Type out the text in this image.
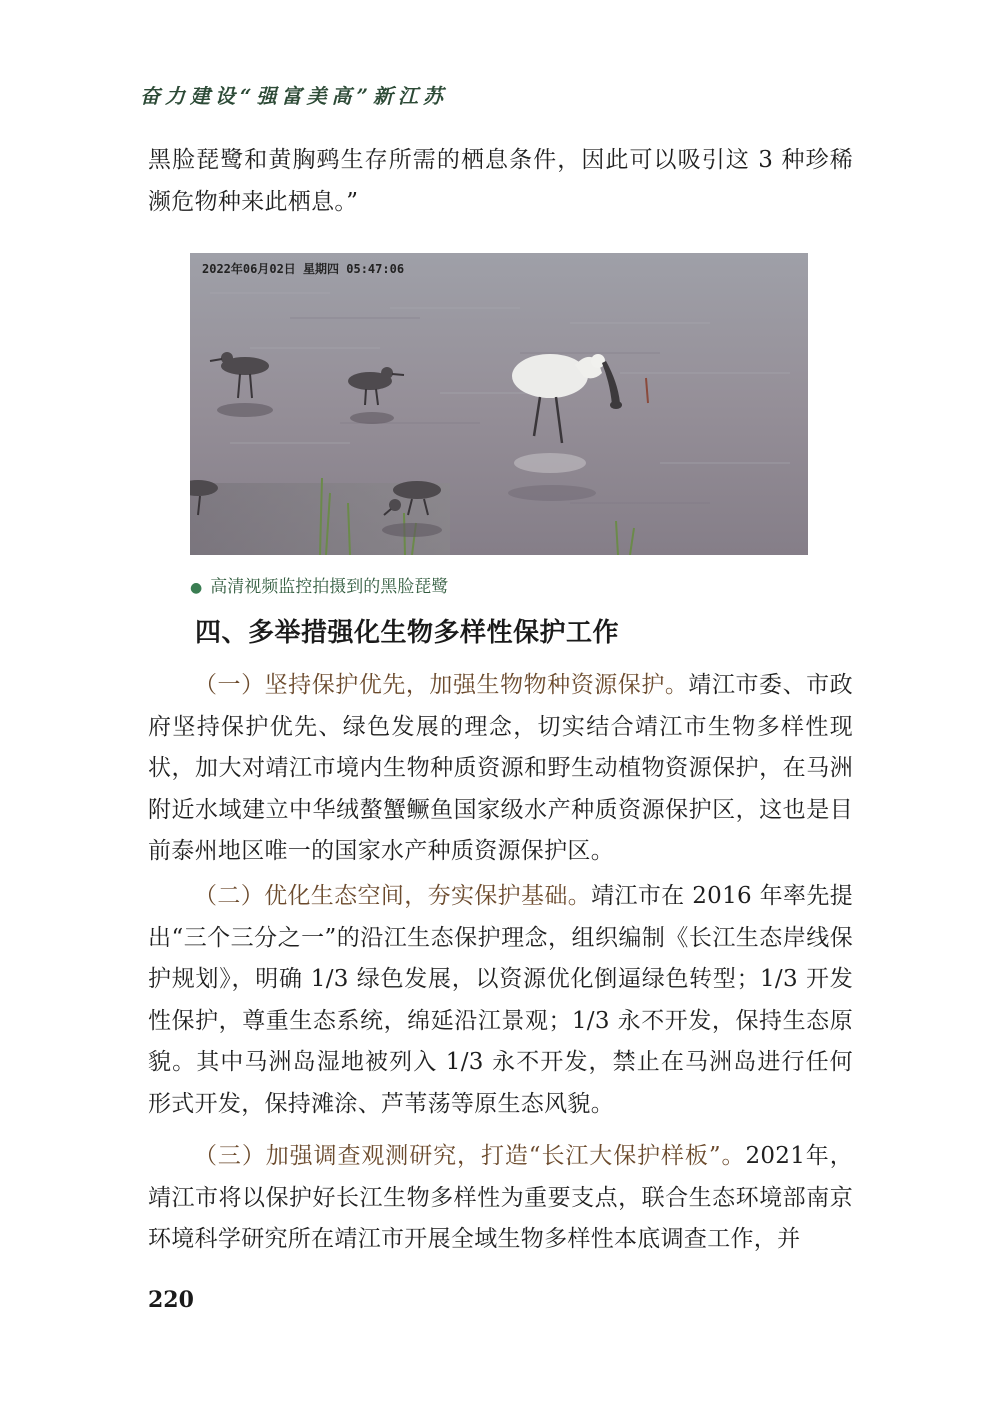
奋力建设“强富美高”新江苏

黑脸琵鹭和黄胸鹀生存所需的栖息条件，因此可以吸引这 3 种珍稀濒危物种来此栖息。”

2022年06月02日 星期四 05:47:06

● 高清视频监控拍摄到的黑脸琵鹭

四、多举措强化生物多样性保护工作

（一）坚持保护优先，加强生物物种资源保护。靖江市委、市政府坚持保护优先、绿色发展的理念，切实结合靖江市生物多样性现状，加大对靖江市境内生物种质资源和野生动植物资源保护，在马洲附近水域建立中华绒螯蟹鳜鱼国家级水产种质资源保护区，这也是目前泰州地区唯一的国家水产种质资源保护区。

（二）优化生态空间，夯实保护基础。靖江市在 2016 年率先提出“三个三分之一”的沿江生态保护理念，组织编制《长江生态岸线保护规划》，明确 1/3 绿色发展，以资源优化倒逼绿色转型；1/3 开发性保护，尊重生态系统，绵延沿江景观；1/3 永不开发，保持生态原貌。其中马洲岛湿地被列入 1/3 永不开发，禁止在马洲岛进行任何形式开发，保持滩涂、芦苇荡等原生态风貌。

（三）加强调查观测研究，打造“长江大保护样板”。2021年，靖江市将以保护好长江生物多样性为重要支点，联合生态环境部南京环境科学研究所在靖江市开展全域生物多样性本底调查工作，并

220
